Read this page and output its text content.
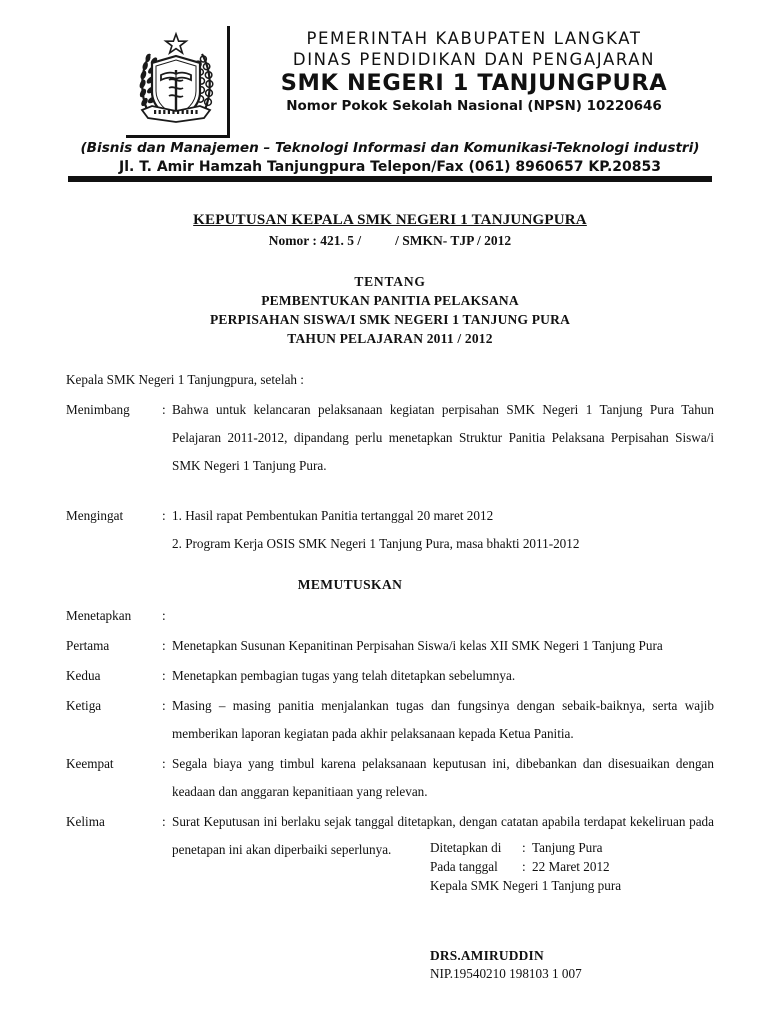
PEMERINTAH KABUPATEN LANGKAT
DINAS PENDIDIKAN DAN PENGAJARAN
SMK NEGERI 1 TANJUNGPURA
Nomor Pokok Sekolah Nasional (NPSN) 10220646
(Bisnis dan Manajemen – Teknologi Informasi dan Komunikasi-Teknologi industri)
Jl. T. Amir Hamzah Tanjungpura Telepon/Fax (061) 8960657 KP.20853
KEPUTUSAN KEPALA SMK NEGERI 1 TANJUNGPURA
Nomor : 421. 5 /	/ SMKN- TJP / 2012
TENTANG
PEMBENTUKAN PANITIA PELAKSANA
PERPISAHAN SISWA/I SMK NEGERI 1 TANJUNG PURA
TAHUN PELAJARAN 2011 / 2012
Kepala SMK Negeri 1 Tanjungpura, setelah :
Menimbang	: Bahwa untuk kelancaran pelaksanaan kegiatan perpisahan SMK Negeri 1 Tanjung Pura Tahun Pelajaran 2011-2012, dipandang perlu menetapkan Struktur Panitia Pelaksana Perpisahan Siswa/i SMK Negeri 1 Tanjung Pura.
Mengingat	: 1. Hasil rapat Pembentukan Panitia tertanggal 20 maret 2012
2. Program Kerja OSIS SMK Negeri 1 Tanjung Pura, masa bhakti 2011-2012
MEMUTUSKAN
Menetapkan	:
Pertama	: Menetapkan Susunan Kepanitinan Perpisahan Siswa/i kelas XII SMK Negeri 1 Tanjung Pura
Kedua	: Menetapkan pembagian tugas yang telah ditetapkan sebelumnya.
Ketiga	: Masing – masing panitia menjalankan tugas dan fungsinya dengan sebaik-baiknya, serta wajib memberikan laporan kegiatan pada akhir pelaksanaan kepada Ketua Panitia.
Keempat	: Segala biaya yang timbul karena pelaksanaan keputusan ini, dibebankan dan disesuaikan dengan keadaan dan anggaran kepanitiaan yang relevan.
Kelima	: Surat Keputusan ini berlaku sejak tanggal ditetapkan, dengan catatan apabila terdapat kekeliruan pada penetapan ini akan diperbaiki seperlunya.	Ditetapkan di	: Tanjung Pura
Pada tanggal	: 22 Maret 2012
Kepala SMK Negeri 1 Tanjung pura
DRS.AMIRUDDIN
NIP.19540210 198103 1 007
